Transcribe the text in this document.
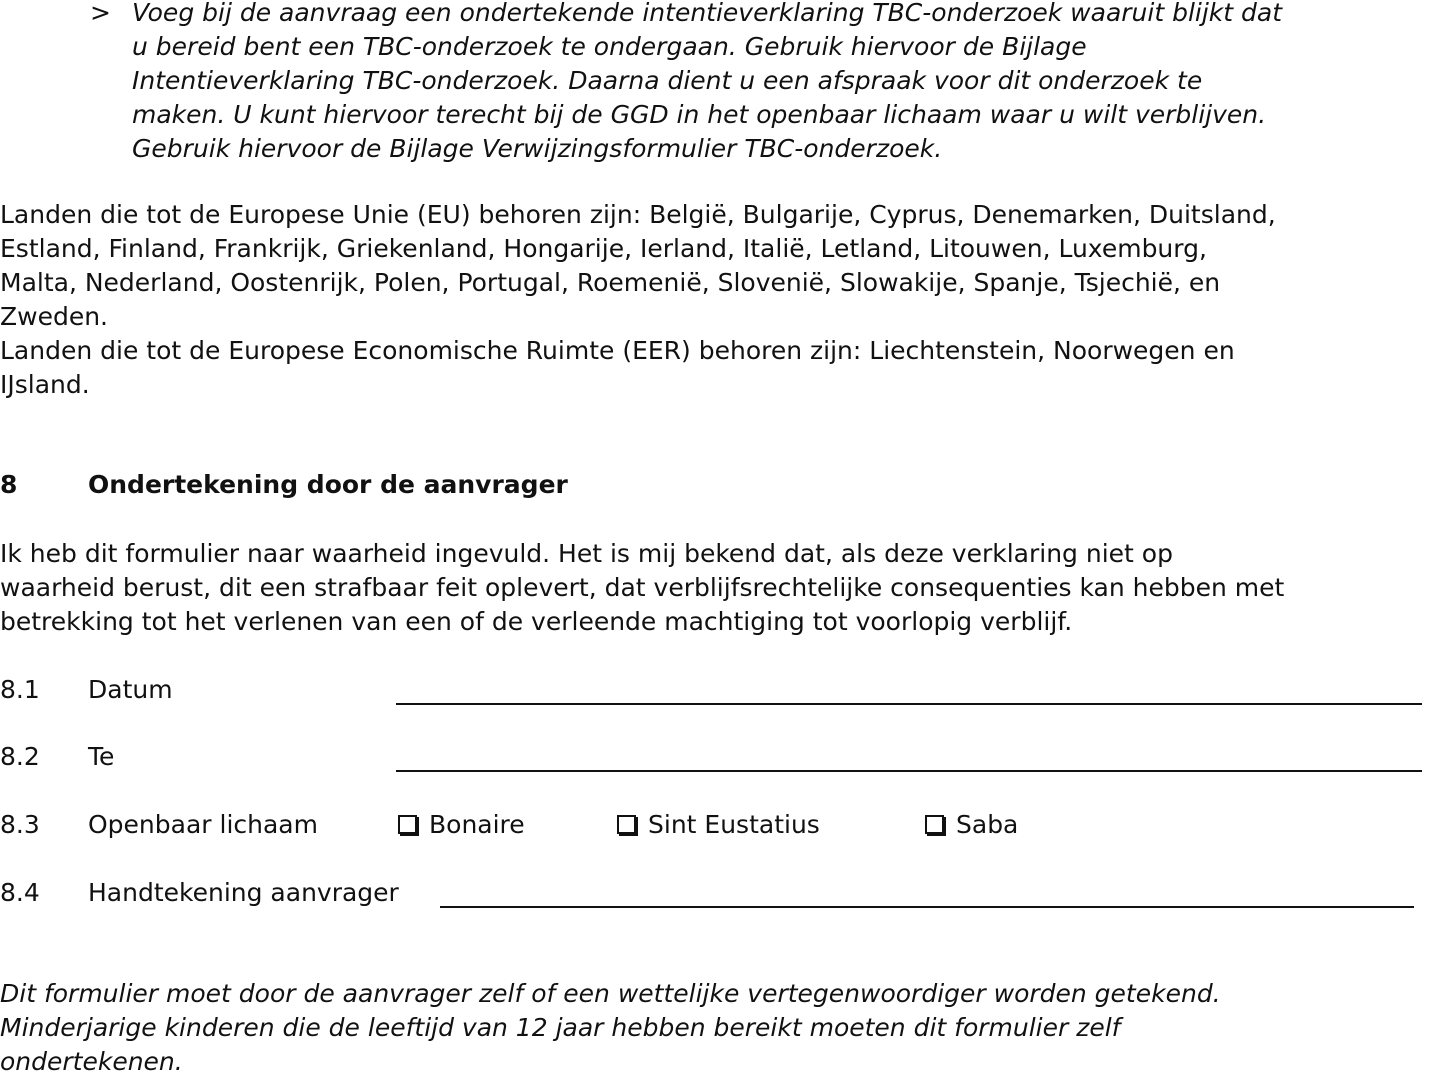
> Voeg bij de aanvraag een ondertekende intentieverklaring TBC-onderzoek waaruit blijkt dat
u bereid bent een TBC-onderzoek te ondergaan. Gebruik hiervoor de Bijlage
Intentieverklaring TBC-onderzoek. Daarna dient u een afspraak voor dit onderzoek te
maken. U kunt hiervoor terecht bij de GGD in het openbaar lichaam waar u wilt verblijven.
Gebruik hiervoor de Bijlage Verwijzingsformulier TBC-onderzoek.
Landen die tot de Europese Unie (EU) behoren zijn: België, Bulgarije, Cyprus, Denemarken, Duitsland,
Estland, Finland, Frankrijk, Griekenland, Hongarije, Ierland, Italië, Letland, Litouwen, Luxemburg,
Malta, Nederland, Oostenrijk, Polen, Portugal, Roemenië, Slovenië, Slowakije, Spanje, Tsjechië, en
Zweden.
Landen die tot de Europese Economische Ruimte (EER) behoren zijn: Liechtenstein, Noorwegen en
IJsland.
8	Ondertekening door de aanvrager
Ik heb dit formulier naar waarheid ingevuld. Het is mij bekend dat, als deze verklaring niet op
waarheid berust, dit een strafbaar feit oplevert, dat verblijfsrechtelijke consequenties kan hebben met
betrekking tot het verlenen van een of de verleende machtiging tot voorlopig verblijf.
8.1 Datum
8.2 Te
8.3 Openbaar lichaam	Bonaire	Sint Eustatius	Saba
8.4 Handtekening aanvrager
Dit formulier moet door de aanvrager zelf of een wettelijke vertegenwoordiger worden getekend.
Minderjarige kinderen die de leeftijd van 12 jaar hebben bereikt moeten dit formulier zelf
ondertekenen.
